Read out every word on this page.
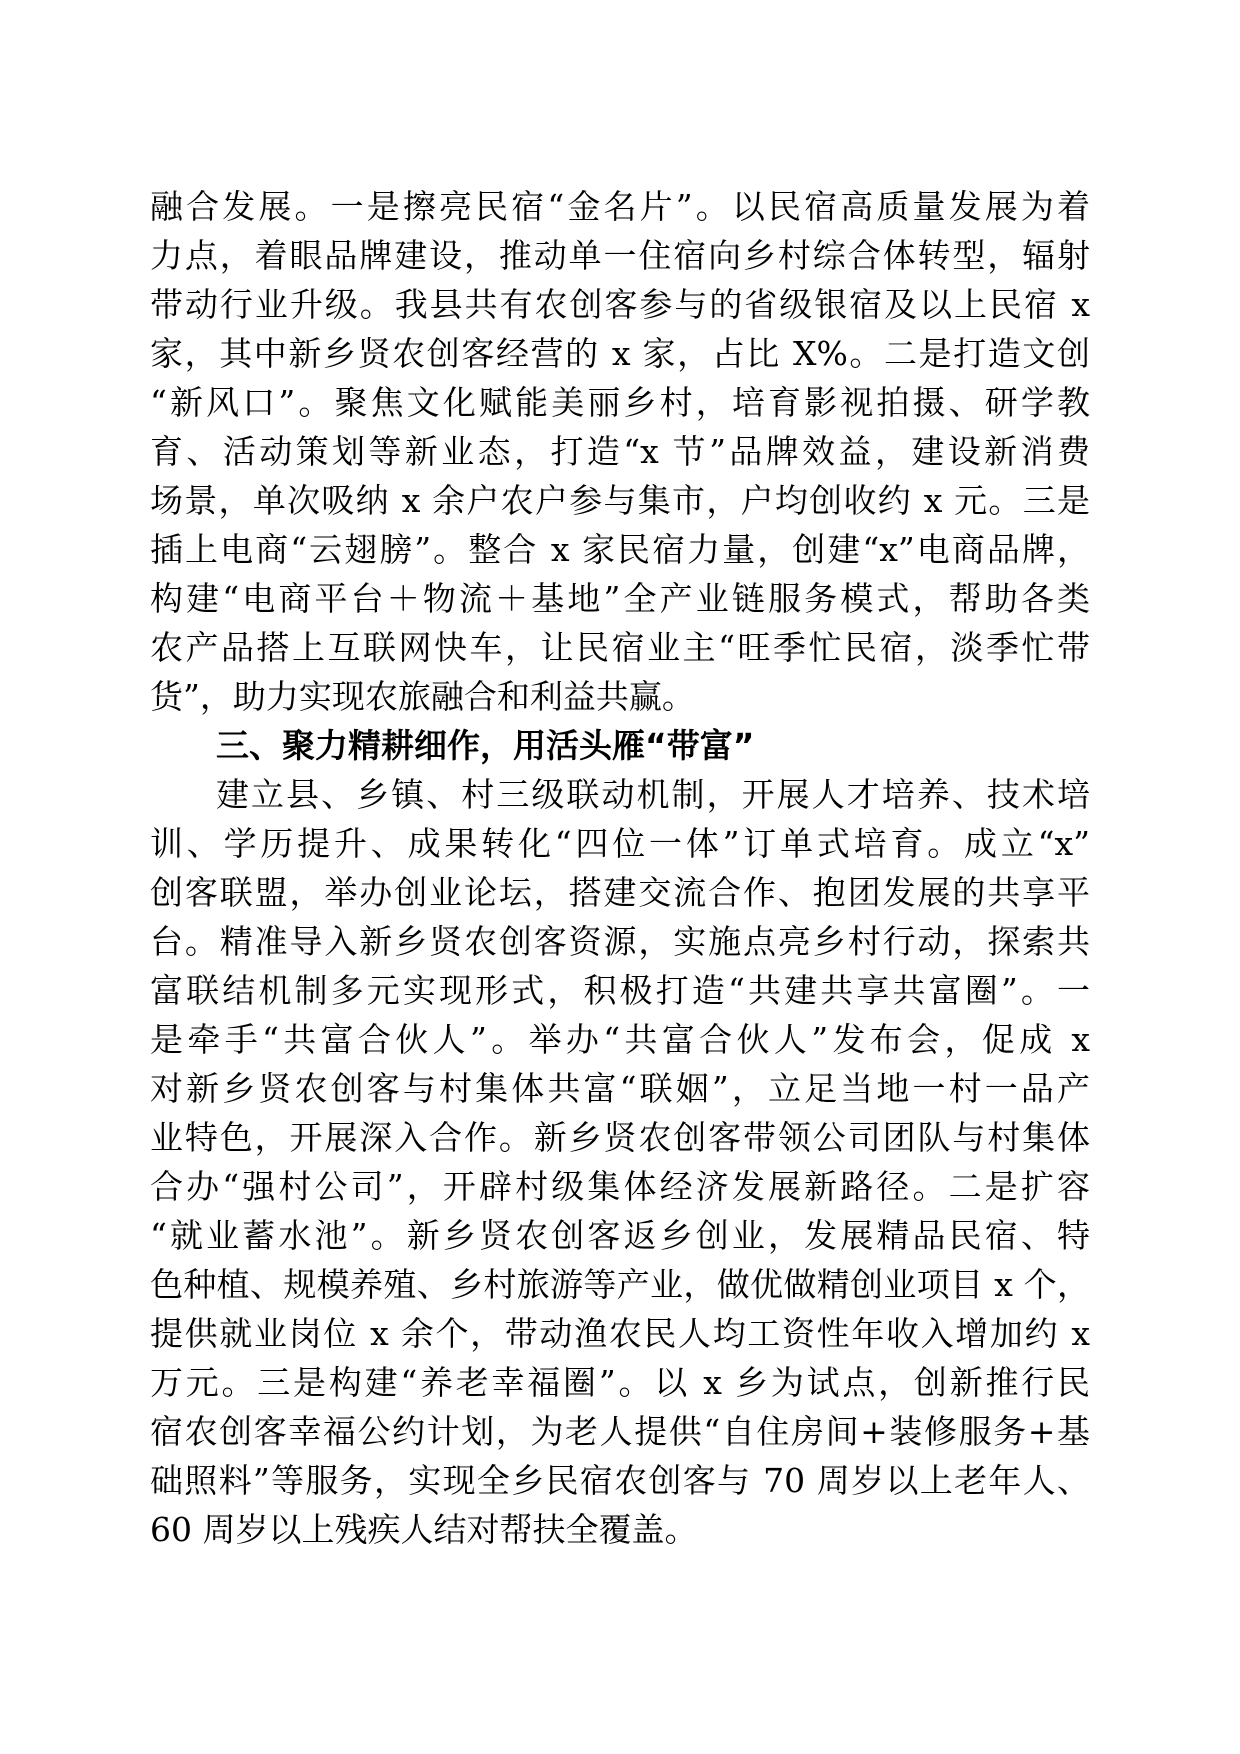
融合发展。一是擦亮民宿“金名片”。以民宿高质量发展为着
力点，着眼品牌建设，推动单一住宿向乡村综合体转型，辐射
带动行业升级。我县共有农创客参与的省级银宿及以上民宿 x
家，其中新乡贤农创客经营的 x 家，占比 X%。二是打造文创
“新风口”。聚焦文化赋能美丽乡村，培育影视拍摄、研学教
育、活动策划等新业态，打造“x 节”品牌效益，建设新消费
场景，单次吸纳 x 余户农户参与集市，户均创收约 x 元。三是
插上电商“云翅膀”。整合 x 家民宿力量，创建“x”电商品牌，
构建“电商平台＋物流＋基地”全产业链服务模式，帮助各类
农产品搭上互联网快车，让民宿业主“旺季忙民宿，淡季忙带
货”，助力实现农旅融合和利益共赢。
三、聚力精耕细作，用活头雁“带富”
建立县、乡镇、村三级联动机制，开展人才培养、技术培
训、学历提升、成果转化“四位一体”订单式培育。成立“x”
创客联盟，举办创业论坛，搭建交流合作、抱团发展的共享平
台。精准导入新乡贤农创客资源，实施点亮乡村行动，探索共
富联结机制多元实现形式，积极打造“共建共享共富圈”。一
是牵手“共富合伙人”。举办“共富合伙人”发布会，促成 x
对新乡贤农创客与村集体共富“联姻”，立足当地一村一品产
业特色，开展深入合作。新乡贤农创客带领公司团队与村集体
合办“强村公司”，开辟村级集体经济发展新路径。二是扩容
“就业蓄水池”。新乡贤农创客返乡创业，发展精品民宿、特
色种植、规模养殖、乡村旅游等产业，做优做精创业项目 x 个，
提供就业岗位 x 余个，带动渔农民人均工资性年收入增加约 x
万元。三是构建“养老幸福圈”。以 x 乡为试点，创新推行民
宿农创客幸福公约计划，为老人提供“自住房间+装修服务+基
础照料”等服务，实现全乡民宿农创客与 70 周岁以上老年人、
60 周岁以上残疾人结对帮扶全覆盖。
